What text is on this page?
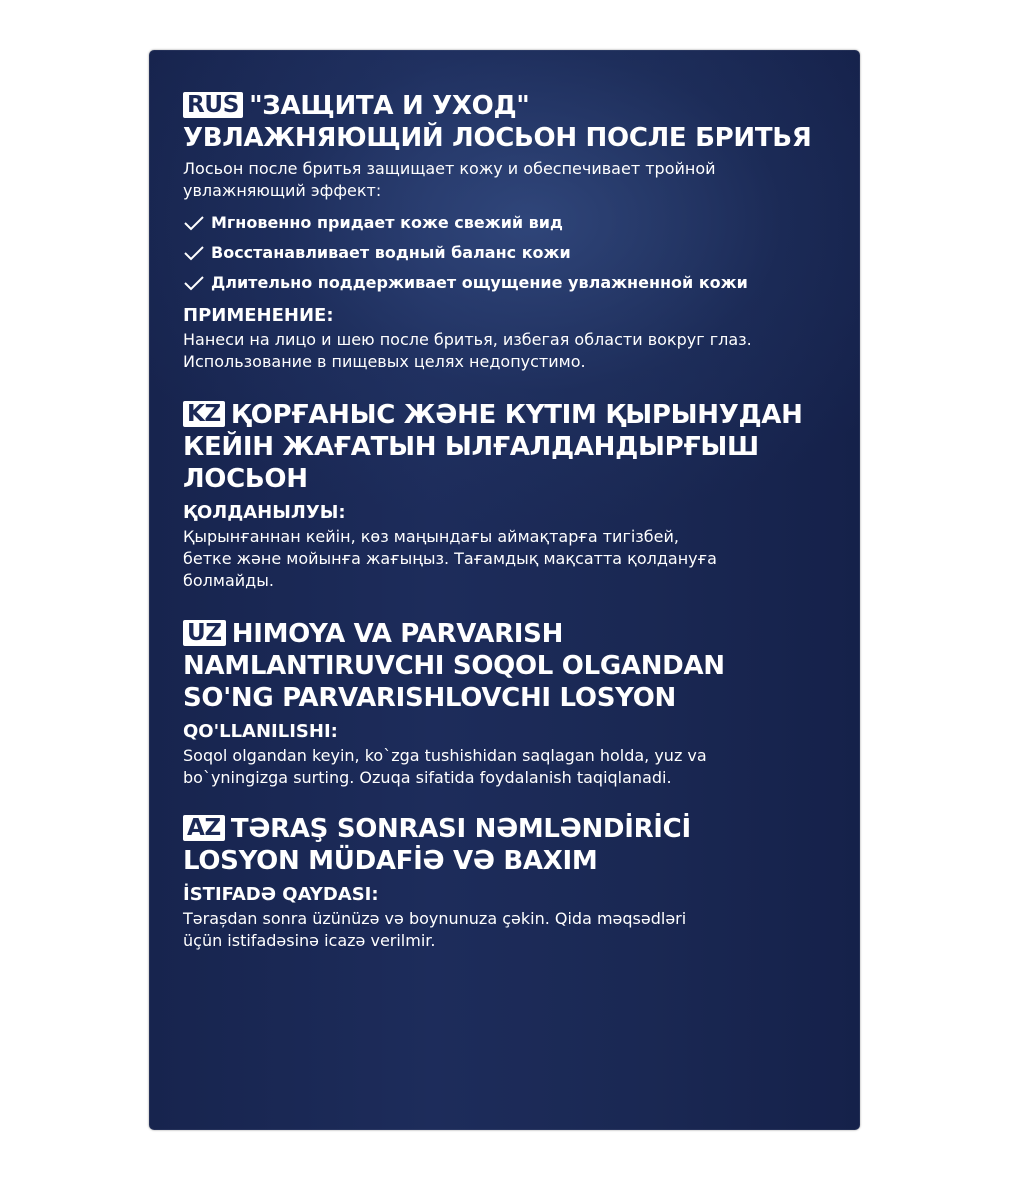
RUS "ЗАЩИТА И УХОД"
УВЛАЖНЯЮЩИЙ ЛОСЬОН ПОСЛЕ БРИТЬЯ

Лосьон после бритья защищает кожу и обеспечивает тройной увлажняющий эффект:

Мгновенно придает коже свежий вид
Восстанавливает водный баланс кожи
Длительно поддерживает ощущение увлажненной кожи
ПРИМЕНЕНИЕ:

Нанеси на лицо и шею после бритья, избегая области вокруг глаз.

Использование в пищевых целях недопустимо.

KZ ҚОРҒАНЫС ЖӘНЕ КҮТІМ ҚЫРЫНУДАН
КЕЙІН ЖАҒАТЫН ЫЛҒАЛДАНДЫРҒЫШ
ЛОСЬОН
ҚОЛДАНЫЛУЫ:

Қырынғаннан кейін, көз маңындағы аймақтарға тигізбей,

бетке және мойынға жағыңыз. Тағамдық мақсатта қолдануға

болмайды.

UZ HIMOYA VA PARVARISH
NAMLANTIRUVCHI SOQOL OLGANDAN
SO'NG PARVARISHLOVCHI LOSYON
QO'LLANILISHI:

Soqol olgandan keyin, ko`zga tushishidan saqlagan holda, yuz va

bo`yningizga surting. Ozuqa sifatida foydalanish taqiqlanadi.

AZ TƏRAŞ SONRASI NƏMLƏNDİRİCİ
LOSYON MÜDAFİƏ VƏ BAXIM
İSTIFADƏ QAYDASI:

Tərașdan sonra üzünüzə və boynunuza çəkin. Qida məqsədləri

üçün istifadəsinə icazə verilmir.
